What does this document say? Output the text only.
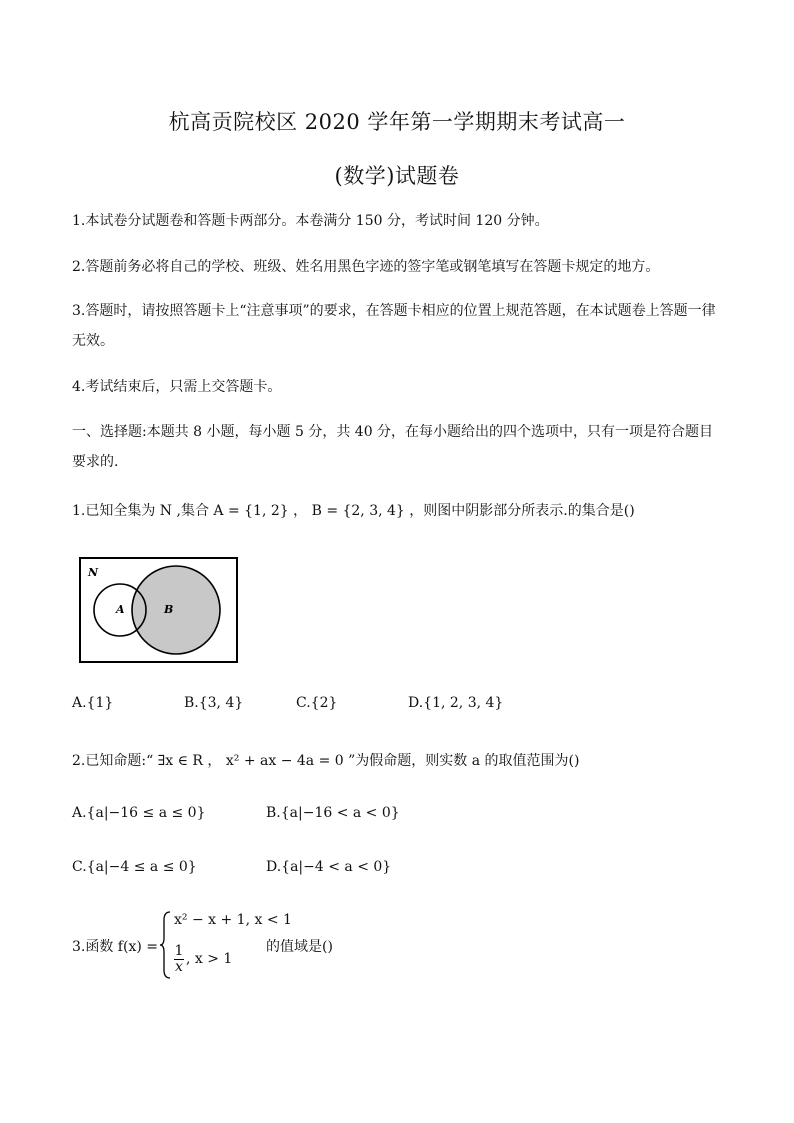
杭高贡院校区 2020 学年第一学期期末考试高一
(数学)试题卷
1.本试卷分试题卷和答题卡两部分。本卷满分 150 分，考试时间 120 分钟。
2.答题前务必将自己的学校、班级、姓名用黑色字迹的签字笔或钢笔填写在答题卡规定的地方。
3.答题时，请按照答题卡上“注意事项”的要求，在答题卡相应的位置上规范答题，在本试题卷上答题一律无效。
4.考试结束后，只需上交答题卡。
一、选择题:本题共 8 小题，每小题 5 分，共 40 分，在每小题给出的四个选项中，只有一项是符合题目要求的.
1.已知全集为 N ,集合 A = {1, 2} ， B = {2, 3, 4} ，则图中阴影部分所表示.的集合是()
N
A	B
A.{1}	B.{3, 4}	C.{2}	D.{1, 2, 3, 4}
2.已知命题:“ ∃x ∈ R ， x² + ax − 4a = 0 ”为假命题，则实数 a 的取值范围为()
A.{a|−16 ≤ a ≤ 0}	B.{a|−16 < a < 0}
C.{a|−4 ≤ a ≤ 0}	D.{a|−4 < a < 0}
3.函数 f(x) =
x² − x + 1, x < 1
$\frac{1}{x}$ , x > 1
的值域是()
